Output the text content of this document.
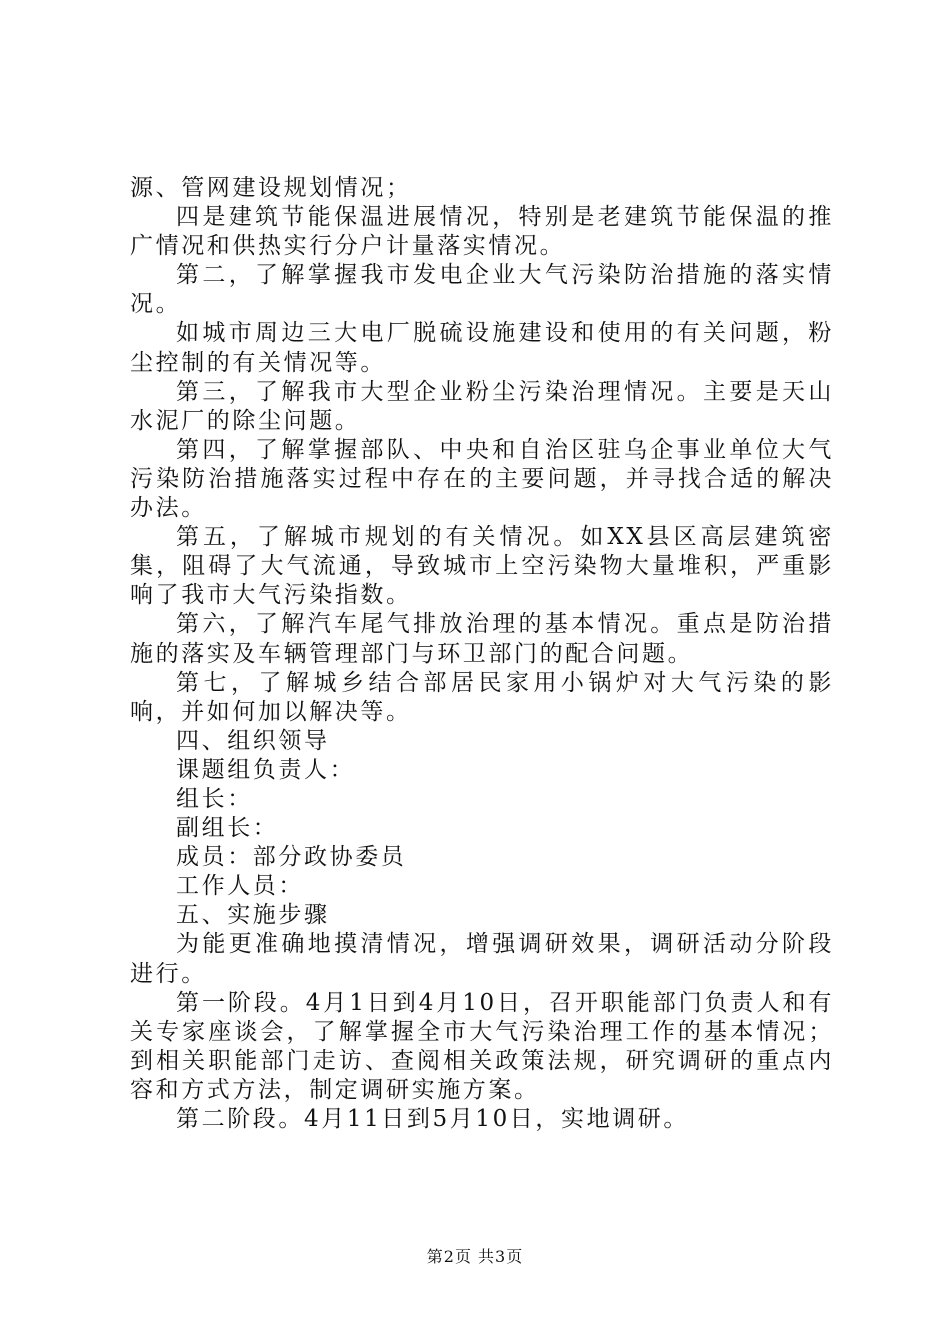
源、管网建设规划情况；

四是建筑节能保温进展情况，特别是老建筑节能保温的推广情况和供热实行分户计量落实情况。

第二，了解掌握我市发电企业大气污染防治措施的落实情况。

如城市周边三大电厂脱硫设施建设和使用的有关问题，粉尘控制的有关情况等。

第三，了解我市大型企业粉尘污染治理情况。主要是天山水泥厂的除尘问题。

第四，了解掌握部队、中央和自治区驻乌企事业单位大气污染防治措施落实过程中存在的主要问题，并寻找合适的解决办法。

第五，了解城市规划的有关情况。如XX县区高层建筑密集，阻碍了大气流通，导致城市上空污染物大量堆积，严重影响了我市大气污染指数。

第六，了解汽车尾气排放治理的基本情况。重点是防治措施的落实及车辆管理部门与环卫部门的配合问题。

第七，了解城乡结合部居民家用小锅炉对大气污染的影响，并如何加以解决等。

四、组织领导

课题组负责人：

组长：

副组长：

成员：部分政协委员

工作人员：

五、实施步骤

为能更准确地摸清情况，增强调研效果，调研活动分阶段进行。

第一阶段。4月1日到4月10日，召开职能部门负责人和有关专家座谈会，了解掌握全市大气污染治理工作的基本情况；到相关职能部门走访、查阅相关政策法规，研究调研的重点内容和方式方法，制定调研实施方案。

第二阶段。4月11日到5月10日，实地调研。

第2页 共3页
